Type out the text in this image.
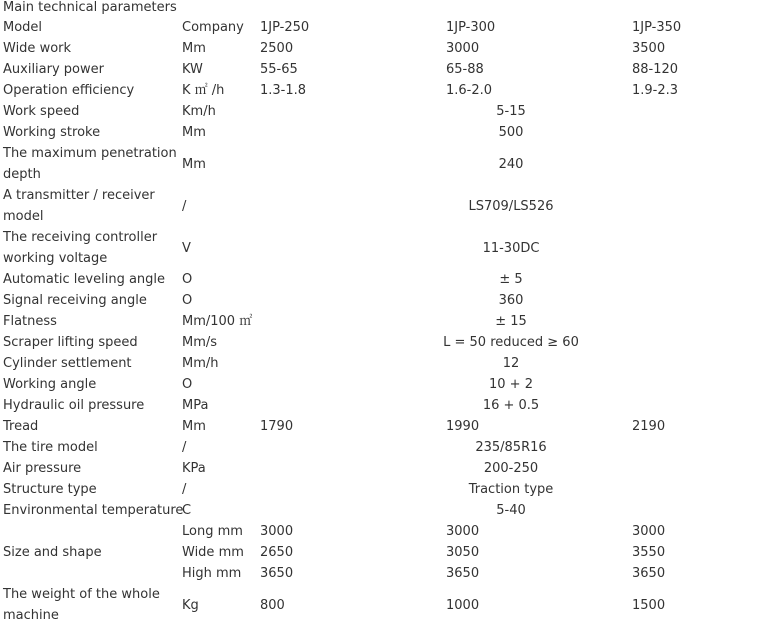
Main technical parameters
Model	Company	1JP-250	1JP-300	1JP-350
Wide work	Mm	2500	3000	3500
Auxiliary power	KW	55-65	65-88	88-120
Operation efficiency	K ㎡ /h	1.3-1.8	1.6-2.0	1.9-2.3
Work speed	Km/h	5-15		
Working stroke	Mm	500		
The maximum penetration depth	Mm	240		
A transmitter / receiver model	/	LS709/LS526		
The receiving controller working voltage	V	11-30DC		
Automatic leveling angle	O	± 5		
Signal receiving angle	O	360		
Flatness	Mm/100 ㎡	± 15		
Scraper lifting speed	Mm/s	L = 50 reduced ≥ 60		
Cylinder settlement	Mm/h	12		
Working angle	O	10 + 2		
Hydraulic oil pressure	MPa	16 + 0.5		
Tread	Mm	1790	1990	2190
The tire model	/	235/85R16		
Air pressure	KPa	200-250		
Structure type	/	Traction type		
Environmental temperature	C	5-40		
Size and shape	Long mm	3000	3000	3000
	Wide mm	2650	3050	3550
	High mm	3650	3650	3650
The weight of the whole machine	Kg	800	1000	1500
